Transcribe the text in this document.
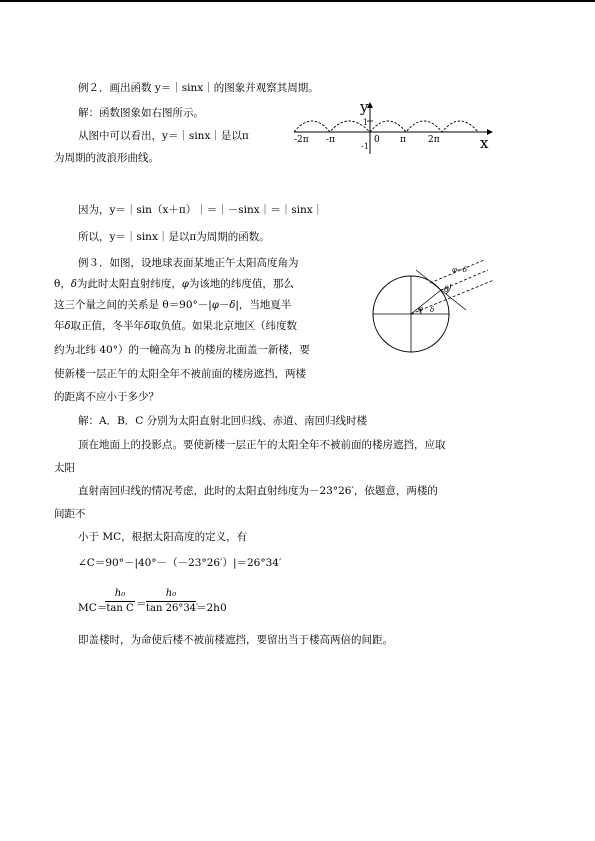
例２．画出函数 y＝｜sinx｜的图象并观察其周期。
解：函数图象如右图所示。
从图中可以看出，y＝｜sinx｜是以π
为周期的波浪形曲线。
y
x
1
-1
0
-2π -π	π 2π
因为，y＝｜sin（x＋π）｜＝｜－sinx｜＝｜sinx｜
所以，y＝｜sinx｜是以π为周期的函数。
例３．如图，设地球表面某地正午太阳高度角为
θ，δ为此时太阳直射纬度，φ为该地的纬度值，那么
这三个量之间的关系是 θ＝90°－|φ－δ|，当地夏半
年δ取正值，冬半年δ取负值。如果北京地区（纬度数
约为北纬 40°）的一幢高为 h 的楼房北面盖一新楼，要
使新楼一层正午的太阳全年不被前面的楼房遮挡，两楼
的距离不应小于多少？
φ−δ
θ
φ δ
解：A．B．C 分别为太阳直射北回归线、赤道、南回归线时楼
顶在地面上的投影点。要使新楼一层正午的太阳全年不被前面的楼房遮挡，应取
太阳
直射南回归线的情况考虑，此时的太阳直射纬度为－23°26′，依题意，两楼的
间距不
小于 MC，根据太阳高度的定义，有
∠C＝90°－|40°－（－23°26′）|＝26°34′
MC＝
h₀
tan C ＝
h₀
tan 26°34′
＝2h0
即盖楼时，为命使后楼不被前楼遮挡，要留出当于楼高两倍的间距。
